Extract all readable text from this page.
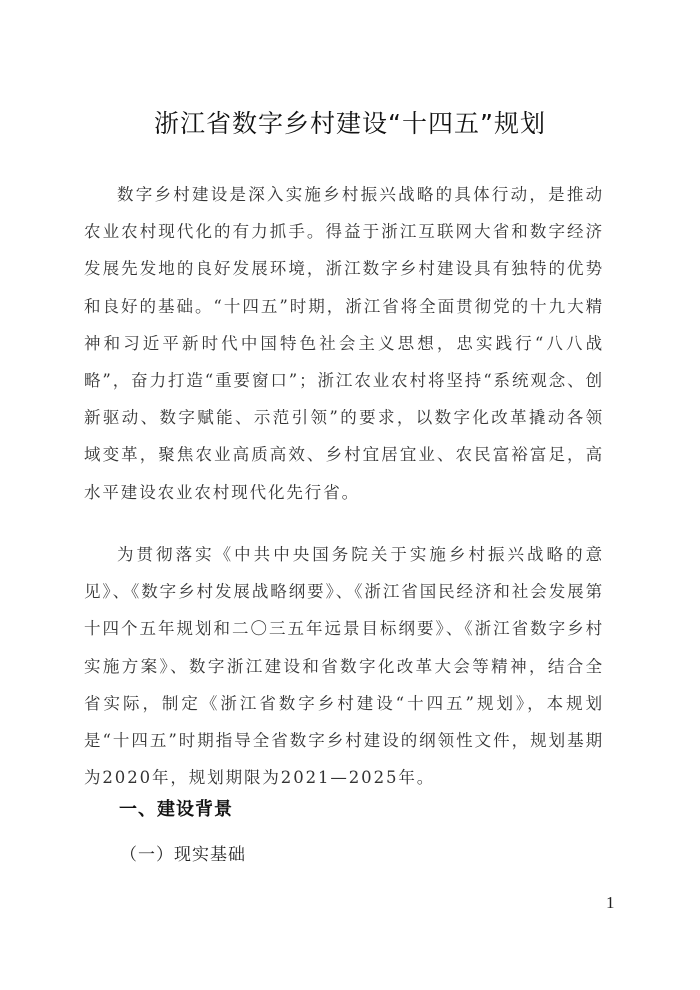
浙江省数字乡村建设“十四五”规划

数字乡村建设是深入实施乡村振兴战略的具体行动，是推动农业农村现代化的有力抓手。得益于浙江互联网大省和数字经济发展先发地的良好发展环境，浙江数字乡村建设具有独特的优势和良好的基础。“十四五”时期，浙江省将全面贯彻党的十九大精神和习近平新时代中国特色社会主义思想，忠实践行“八八战略”，奋力打造“重要窗口”；浙江农业农村将坚持“系统观念、创新驱动、数字赋能、示范引领”的要求，以数字化改革撬动各领域变革，聚焦农业高质高效、乡村宜居宜业、农民富裕富足，高水平建设农业农村现代化先行省。

为贯彻落实《中共中央国务院关于实施乡村振兴战略的意见》、《数字乡村发展战略纲要》、《浙江省国民经济和社会发展第十四个五年规划和二〇三五年远景目标纲要》、《浙江省数字乡村实施方案》、数字浙江建设和省数字化改革大会等精神，结合全省实际，制定《浙江省数字乡村建设“十四五”规划》，本规划是“十四五”时期指导全省数字乡村建设的纲领性文件，规划基期为2020年，规划期限为2021—2025年。

一、建设背景
（一）现实基础
1
